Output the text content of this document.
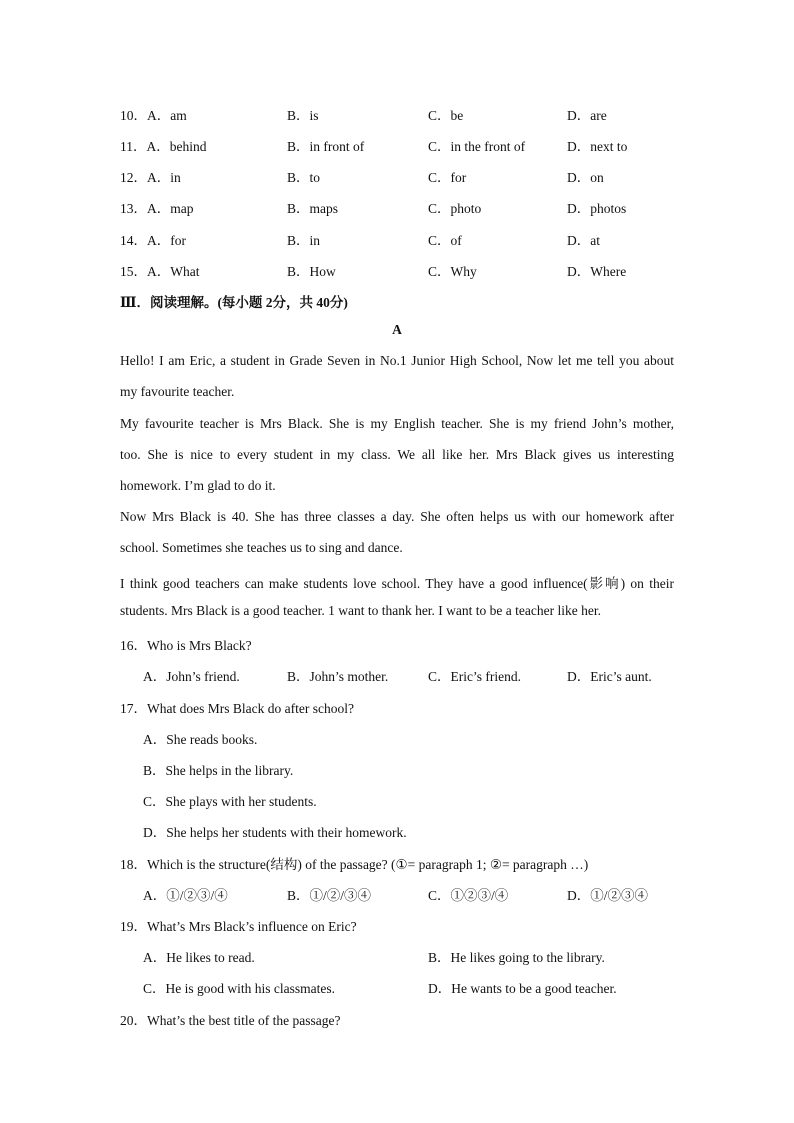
10．A．am	B．is	C．be	D．are
11．A．behind	B．in front of	C．in the front of	D．next to
12．A．in	B．to	C．for	D．on
13．A．map	B．maps	C．photo	D．photos
14．A．for	B．in	C．of	D．at
15．A．What	B．How	C．Why	D．Where
Ⅲ．阅读理解。(每小题 2分，共 40分)
A
Hello! I am Eric, a student in Grade Seven in No.1 Junior High School, Now let me tell you about
my favourite teacher.
My favourite teacher is Mrs Black. She is my English teacher. She is my friend John’s mother,
too. She is nice to every student in my class. We all like her. Mrs Black gives us interesting
homework. I’m glad to do it.
Now Mrs Black is 40. She has three classes a day. She often helps us with our homework after
school. Sometimes she teaches us to sing and dance.
I think good teachers can make students love school. They have a good influence(影响) on their
students. Mrs Black is a good teacher. 1 want to thank her. I want to be a teacher like her.
16．Who is Mrs Black?
A．John’s friend.	B．John’s mother.	C．Eric’s friend.	D．Eric’s aunt.
17．What does Mrs Black do after school?
A．She reads books.
B．She helps in the library.
C．She plays with her students.
D．She helps her students with their homework.
18．Which is the structure(结构) of the passage? (①= paragraph 1; ②= paragraph …)
A．①/②③/④	B．①/②/③④	C．①②③/④	D．①/②③④
19．What’s Mrs Black’s influence on Eric?
A．He likes to read.	B．He likes going to the library.
C．He is good with his classmates.	D．He wants to be a good teacher.
20．What’s the best title of the passage?
